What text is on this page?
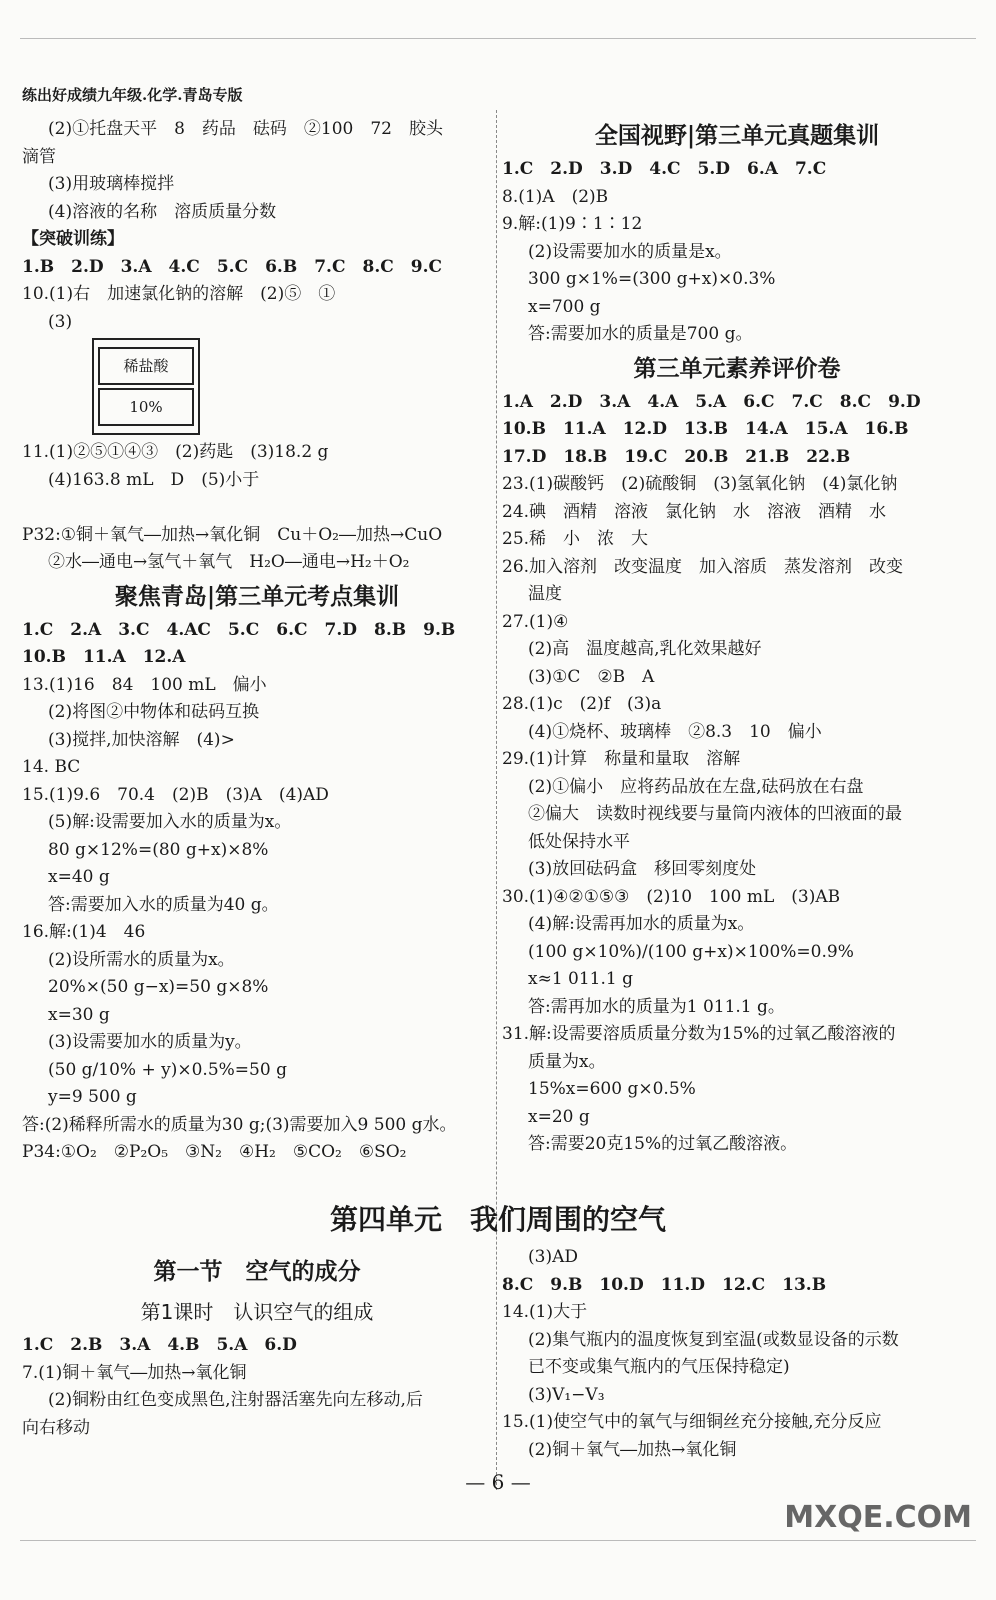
练出好成绩九年级.化学.青岛专版
(2)①托盘天平　8　药品　砝码　②100　72　胶头
滴管
(3)用玻璃棒搅拌
(4)溶液的名称　溶质质量分数
【突破训练】
1.B　2.D　3.A　4.C　5.C　6.B　7.C　8.C　9.C
10.(1)右　加速氯化钠的溶解　(2)⑤　①
(3)
稀盐酸
10%
11.(1)②⑤①④③　(2)药匙　(3)18.2 g
(4)163.8 mL　D　(5)小于
P32:①铜＋氧气―加热→氧化铜　Cu＋O₂―加热→CuO
②水―通电→氢气＋氧气　H₂O―通电→H₂＋O₂
聚焦青岛|第三单元考点集训
1.C　2.A　3.C　4.AC　5.C　6.C　7.D　8.B　9.B
10.B　11.A　12.A
13.(1)16　84　100 mL　偏小
(2)将图②中物体和砝码互换
(3)搅拌,加快溶解　(4)>
14. BC
15.(1)9.6　70.4　(2)B　(3)A　(4)AD
(5)解:设需要加入水的质量为x。
80 g×12%=(80 g+x)×8%
x=40 g
答:需要加入水的质量为40 g。
16.解:(1)4　46
(2)设所需水的质量为x。
20%×(50 g−x)=50 g×8%
x=30 g
(3)设需要加水的质量为y。
(50 g/10% + y)×0.5%=50 g
y=9 500 g
答:(2)稀释所需水的质量为30 g;(3)需要加入9 500 g水。
P34:①O₂　②P₂O₅　③N₂　④H₂　⑤CO₂　⑥SO₂
全国视野|第三单元真题集训
1.C　2.D　3.D　4.C　5.D　6.A　7.C
8.(1)A　(2)B
9.解:(1)9∶1∶12
(2)设需要加水的质量是x。
300 g×1%=(300 g+x)×0.3%
x=700 g
答:需要加水的质量是700 g。
第三单元素养评价卷
1.A　2.D　3.A　4.A　5.A　6.C　7.C　8.C　9.D
10.B　11.A　12.D　13.B　14.A　15.A　16.B
17.D　18.B　19.C　20.B　21.B　22.B
23.(1)碳酸钙　(2)硫酸铜　(3)氢氧化钠　(4)氯化钠
24.碘　酒精　溶液　氯化钠　水　溶液　酒精　水
25.稀　小　浓　大
26.加入溶剂　改变温度　加入溶质　蒸发溶剂　改变
温度
27.(1)④
(2)高　温度越高,乳化效果越好
(3)①C　②B　A
28.(1)c　(2)f　(3)a
(4)①烧杯、玻璃棒　②8.3　10　偏小
29.(1)计算　称量和量取　溶解
(2)①偏小　应将药品放在左盘,砝码放在右盘
②偏大　读数时视线要与量筒内液体的凹液面的最
低处保持水平
(3)放回砝码盒　移回零刻度处
30.(1)④②①⑤③　(2)10　100 mL　(3)AB
(4)解:设需再加水的质量为x。
(100 g×10%)/(100 g+x)×100%=0.9%
x≈1 011.1 g
答:需再加水的质量为1 011.1 g。
31.解:设需要溶质质量分数为15%的过氧乙酸溶液的
质量为x。
15%x=600 g×0.5%
x=20 g
答:需要20克15%的过氧乙酸溶液。
第四单元　我们周围的空气
第一节　空气的成分
第1课时　认识空气的组成
1.C　2.B　3.A　4.B　5.A　6.D
7.(1)铜＋氧气―加热→氧化铜
(2)铜粉由红色变成黑色,注射器活塞先向左移动,后
向右移动
(3)AD
8.C　9.B　10.D　11.D　12.C　13.B
14.(1)大于
(2)集气瓶内的温度恢复到室温(或数显设备的示数
已不变或集气瓶内的气压保持稳定)
(3)V₁−V₃
15.(1)使空气中的氧气与细铜丝充分接触,充分反应
(2)铜＋氧气―加热→氧化铜
— 6 —
MXQE.COM
